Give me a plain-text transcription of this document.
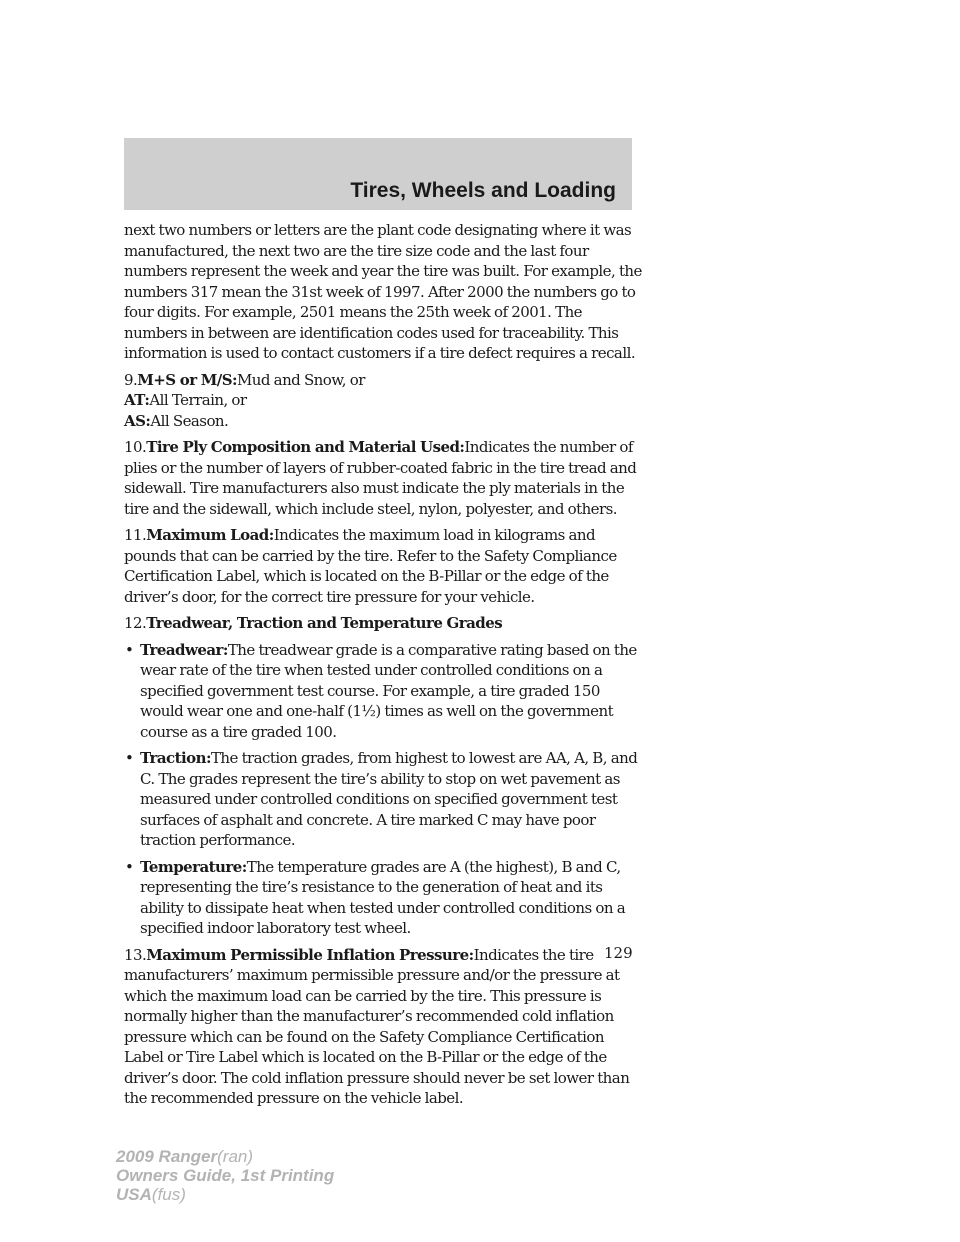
Tires, Wheels and Loading

next two numbers or letters are the plant code designating where it was manufactured, the next two are the tire size code and the last four numbers represent the week and year the tire was built. For example, the numbers 317 mean the 31st week of 1997. After 2000 the numbers go to four digits. For example, 2501 means the 25th week of 2001. The numbers in between are identification codes used for traceability. This information is used to contact customers if a tire defect requires a recall.

9.M+S or M/S:Mud and Snow, or
AT:All Terrain, or
AS:All Season.

10.Tire Ply Composition and Material Used:Indicates the number of plies or the number of layers of rubber-coated fabric in the tire tread and sidewall. Tire manufacturers also must indicate the ply materials in the tire and the sidewall, which include steel, nylon, polyester, and others.

11.Maximum Load:Indicates the maximum load in kilograms and pounds that can be carried by the tire. Refer to the Safety Compliance Certification Label, which is located on the B-Pillar or the edge of the driver’s door, for the correct tire pressure for your vehicle.

12.Treadwear, Traction and Temperature Grades

• Treadwear:The treadwear grade is a comparative rating based on the wear rate of the tire when tested under controlled conditions on a specified government test course. For example, a tire graded 150 would wear one and one-half (1½) times as well on the government course as a tire graded 100.
• Traction:The traction grades, from highest to lowest are AA, A, B, and C. The grades represent the tire’s ability to stop on wet pavement as measured under controlled conditions on specified government test surfaces of asphalt and concrete. A tire marked C may have poor traction performance.
• Temperature:The temperature grades are A (the highest), B and C, representing the tire’s resistance to the generation of heat and its ability to dissipate heat when tested under controlled conditions on a specified indoor laboratory test wheel.

13.Maximum Permissible Inflation Pressure:Indicates the tire manufacturers’ maximum permissible pressure and/or the pressure at which the maximum load can be carried by the tire. This pressure is normally higher than the manufacturer’s recommended cold inflation pressure which can be found on the Safety Compliance Certification Label or Tire Label which is located on the B-Pillar or the edge of the driver’s door. The cold inflation pressure should never be set lower than the recommended pressure on the vehicle label.

129
2009 Ranger(ran)
Owners Guide, 1st Printing
USA(fus)
